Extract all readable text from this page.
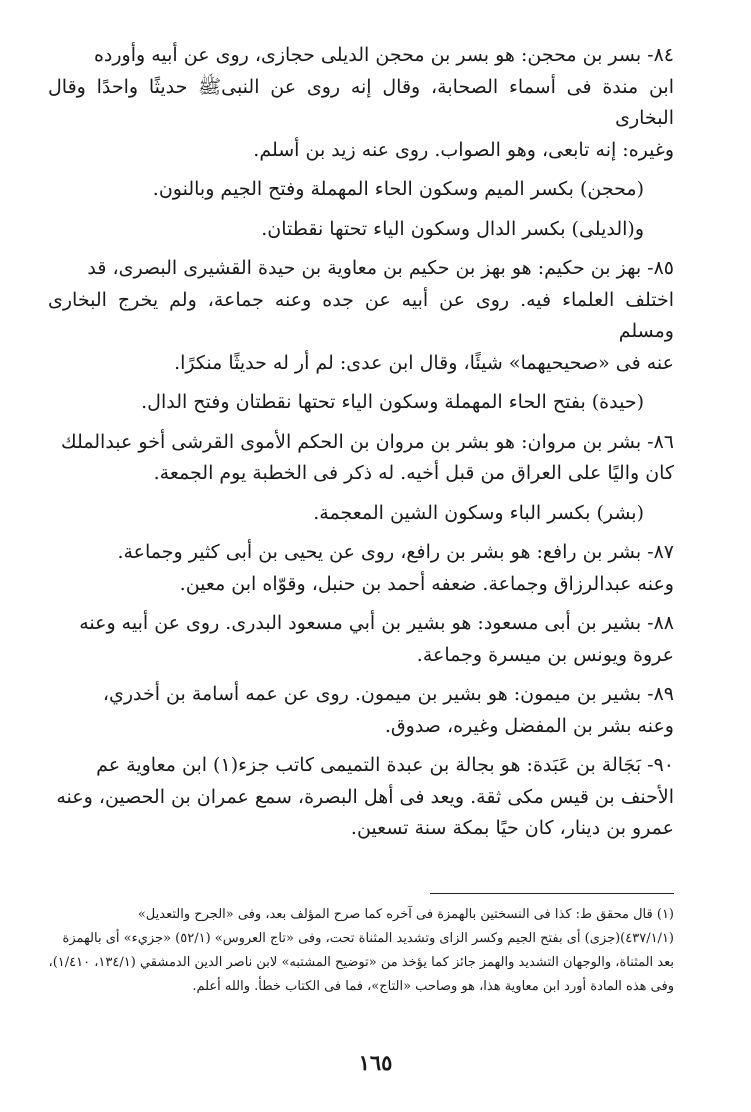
٨٤- بسر بن محجن: هو بسر بن محجن الديلى حجازى، روى عن أبيه وأورده

ابن مندة فى أسماء الصحابة، وقال إنه روى عن النبىﷺ حديثًا واحدًا وقال البخارى

وغيره: إنه تابعى، وهو الصواب. روى عنه زيد بن أسلم.

(محجن) بكسر الميم وسكون الحاء المهملة وفتح الجيم وبالنون.

و(الديلى) بكسر الدال وسكون الياء تحتها نقطتان.

٨٥- بهز بن حكيم: هو بهز بن حكيم بن معاوية بن حيدة القشيرى البصرى، قد

اختلف العلماء فيه. روى عن أبيه عن جده وعنه جماعة، ولم يخرج البخارى ومسلم

عنه فى «صحيحيهما» شيئًا، وقال ابن عدى: لم أر له حديثًا منكرًا.

(حيدة) بفتح الحاء المهملة وسكون الياء تحتها نقطتان وفتح الدال.

٨٦- بشر بن مروان: هو بشر بن مروان بن الحكم الأموى القرشى أخو عبدالملك

كان واليًا على العراق من قبل أخيه. له ذكر فى الخطبة يوم الجمعة.

(بشر) بكسر الباء وسكون الشين المعجمة.

٨٧- بشر بن رافع: هو بشر بن رافع، روى عن يحيى بن أبى كثير وجماعة.

وعنه عبدالرزاق وجماعة. ضعفه أحمد بن حنبل، وقوّاه ابن معين.

٨٨- بشير بن أبى مسعود: هو بشير بن أبي مسعود البدرى. روى عن أبيه وعنه

عروة ويونس بن ميسرة وجماعة.

٨٩- بشير بن ميمون: هو بشير بن ميمون. روى عن عمه أسامة بن أخدري،

وعنه بشر بن المفضل وغيره، صدوق.

٩٠- بَجَالة بن عَبَدة: هو بجالة بن عبدة التميمى كاتب جزء(١) ابن معاوية عم

الأحنف بن قيس مكى ثقة. ويعد فى أهل البصرة، سمع عمران بن الحصين، وعنه

عمرو بن دينار، كان حيًا بمكة سنة تسعين.

(١) قال محقق ط: كذا فى النسختين بالهمزة فى آخره كما صرح المؤلف بعد، وفى «الجرح والتعديل»

(٤٣٧/١/١)(جزى) أى بفتح الجيم وكسر الزاى وتشديد المثناة تحت، وفى «تاج العروس» (٥٢/١) «جزيء» أى بالهمزة

بعد المثناة، والوجهان التشديد والهمز جائز كما يؤخذ من «توضيح المشتبه» لابن ناصر الدين الدمشقي (١٣٤/١، ١/٤١٠)،

وفى هذه المادة أورد ابن معاوية هذا، هو وصاحب «التاج»، فما فى الكتاب خطأ. والله أعلم.

١٦٥
